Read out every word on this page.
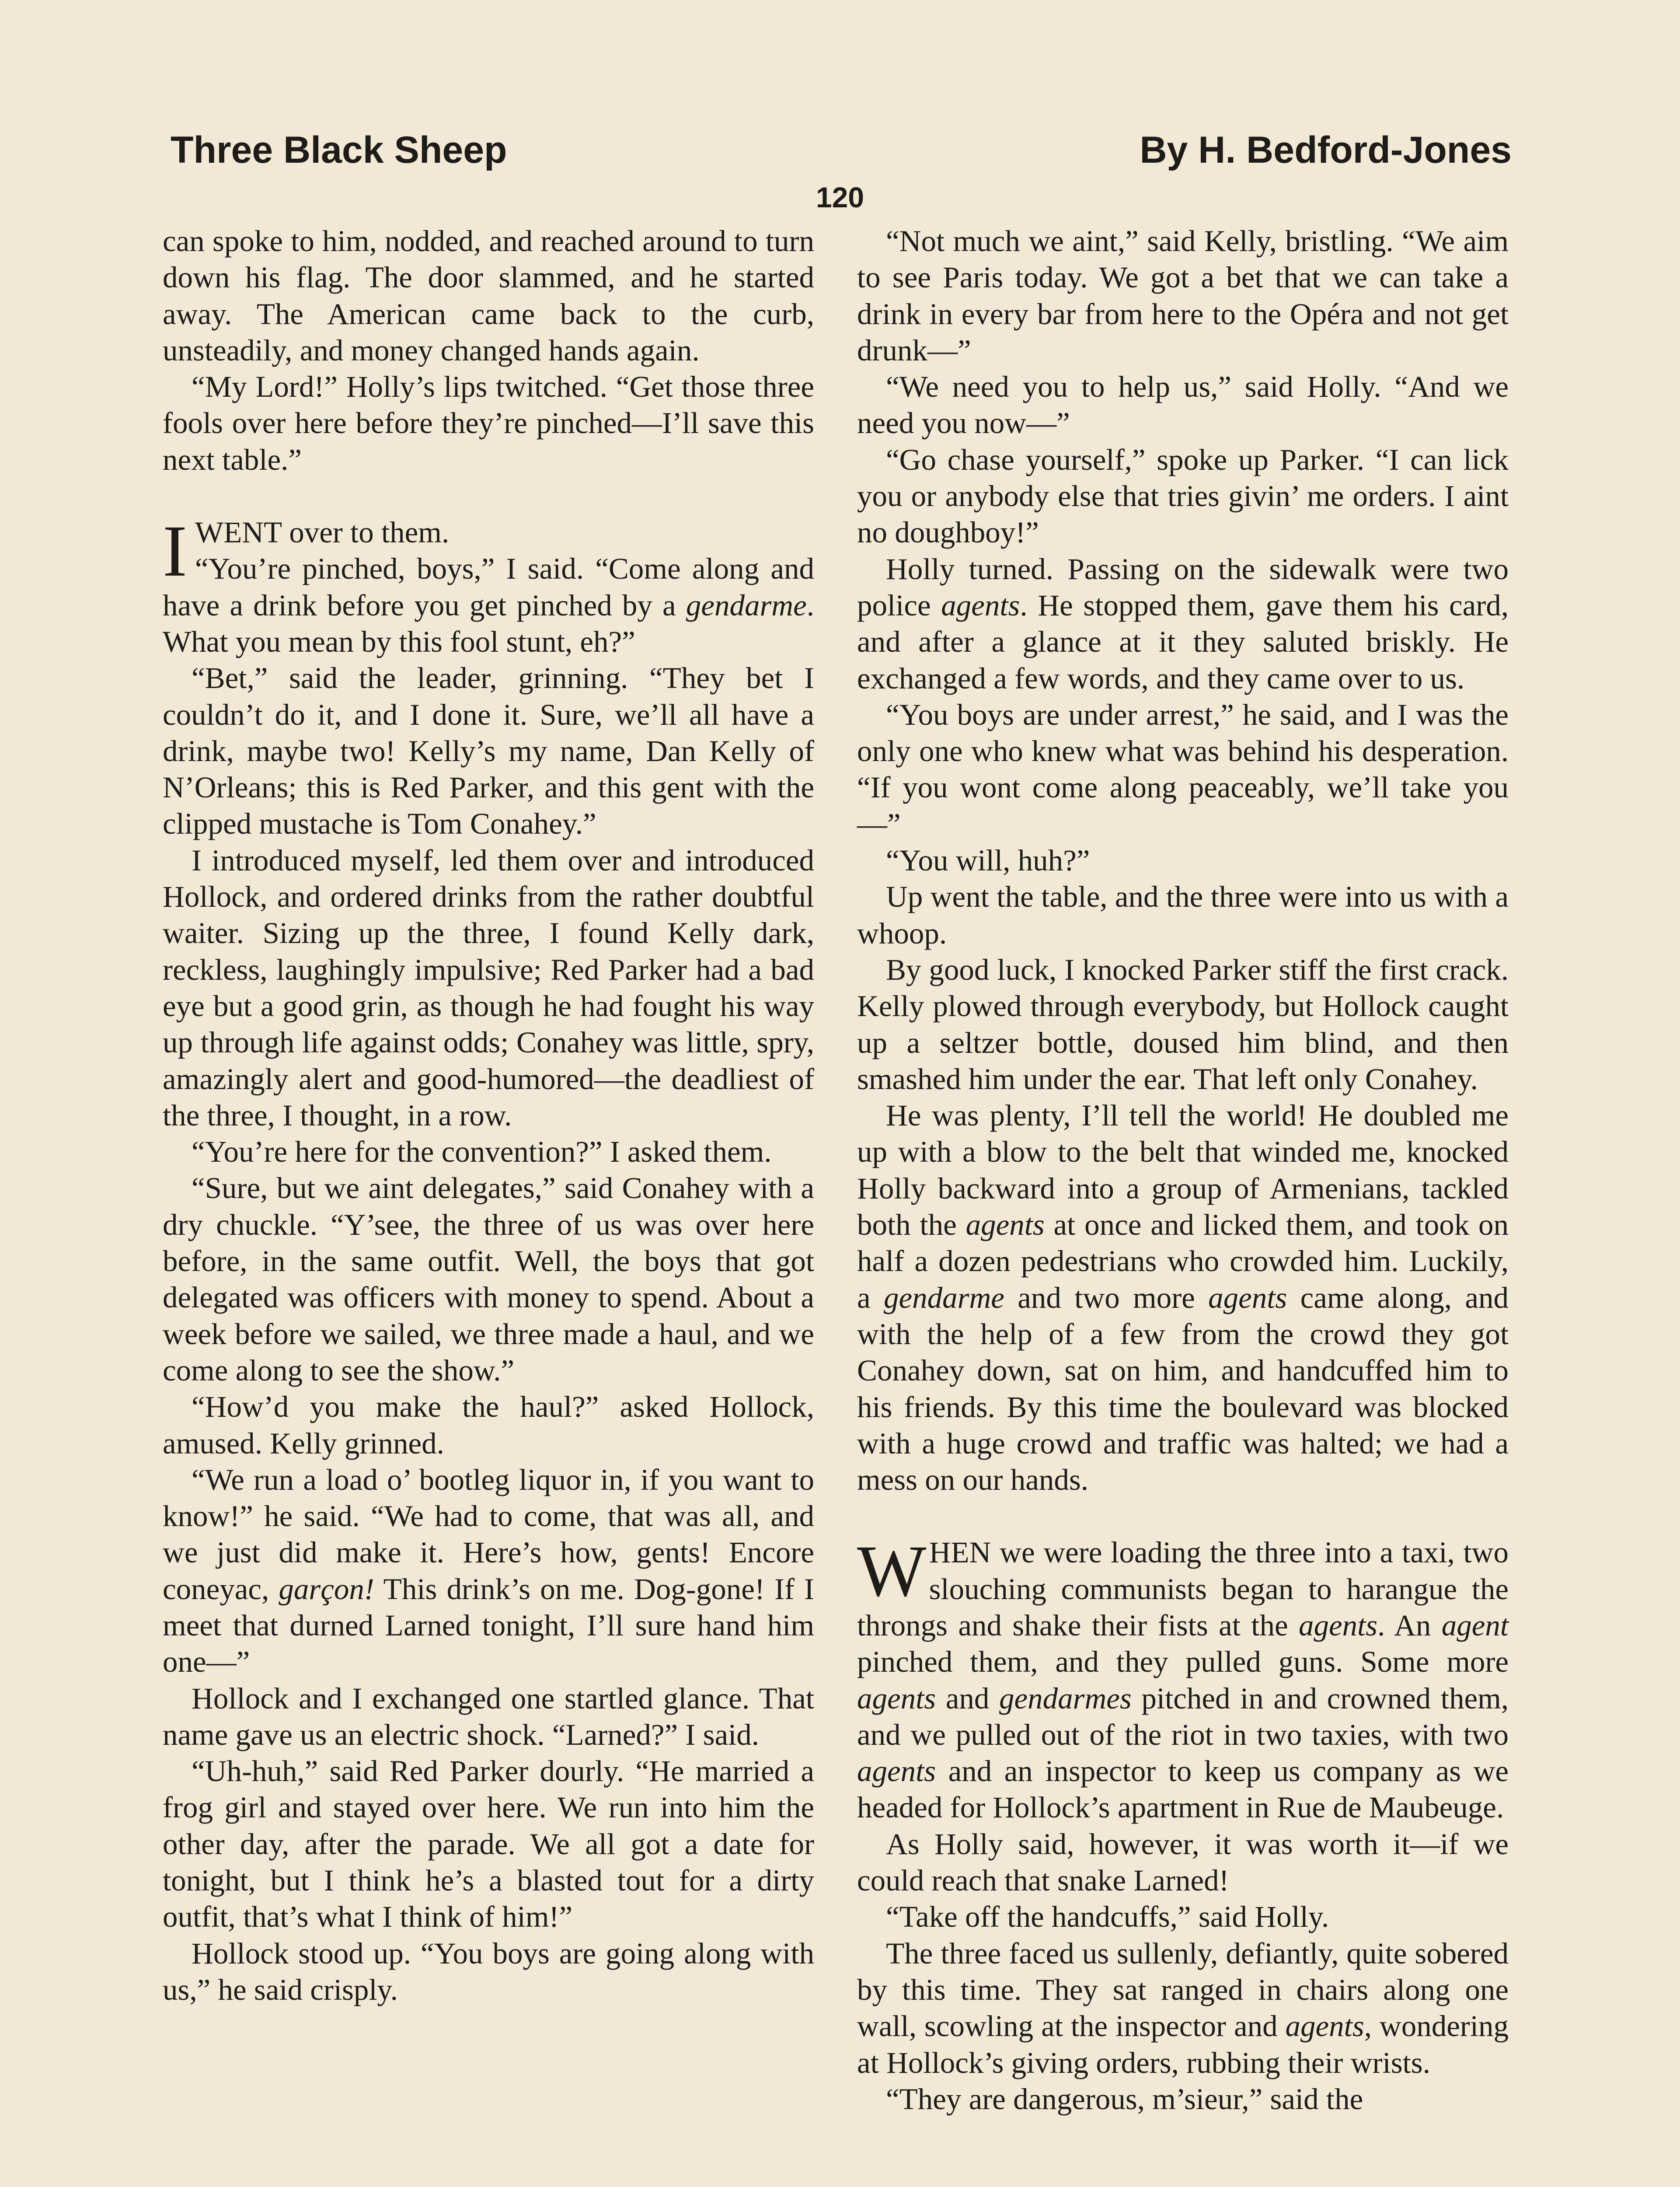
Three Black Sheep	By H. Bedford-Jones
120

can spoke to him, nodded, and reached around to turn down his flag. The door slammed, and he started away. The American came back to the curb, unsteadily, and money changed hands again.

“My Lord!” Holly’s lips twitched. “Get those three fools over here before they’re pinched—I’ll save this next table.”

IWENT over to them.
“You’re pinched, boys,” I said. “Come along and have a drink before you get pinched by a gendarme. What you mean by this fool stunt, eh?”

“Bet,” said the leader, grinning. “They bet I couldn’t do it, and I done it. Sure, we’ll all have a drink, maybe two! Kelly’s my name, Dan Kelly of N’Orleans; this is Red Parker, and this gent with the clipped mustache is Tom Conahey.”

I introduced myself, led them over and introduced Hollock, and ordered drinks from the rather doubtful waiter. Sizing up the three, I found Kelly dark, reckless, laughingly impulsive; Red Parker had a bad eye but a good grin, as though he had fought his way up through life against odds; Conahey was little, spry, amazingly alert and good-humored—the deadliest of the three, I thought, in a row.

“You’re here for the convention?” I asked them.

“Sure, but we aint delegates,” said Conahey with a dry chuckle. “Y’see, the three of us was over here before, in the same outfit. Well, the boys that got delegated was officers with money to spend. About a week before we sailed, we three made a haul, and we come along to see the show.”

“How’d you make the haul?” asked Hollock, amused. Kelly grinned.

“We run a load o’ bootleg liquor in, if you want to know!” he said. “We had to come, that was all, and we just did make it. Here’s how, gents! Encore coneyac, garçon! This drink’s on me. Dog-gone! If I meet that durned Larned tonight, I’ll sure hand him one—”

Hollock and I exchanged one startled glance. That name gave us an electric shock. “Larned?” I said.

“Uh-huh,” said Red Parker dourly. “He married a frog girl and stayed over here. We run into him the other day, after the parade. We all got a date for tonight, but I think he’s a blasted tout for a dirty outfit, that’s what I think of him!”

Hollock stood up. “You boys are going along with us,” he said crisply.

“Not much we aint,” said Kelly, bristling. “We aim to see Paris today. We got a bet that we can take a drink in every bar from here to the Opéra and not get drunk—”

“We need you to help us,” said Holly. “And we need you now—”

“Go chase yourself,” spoke up Parker. “I can lick you or anybody else that tries givin’ me orders. I aint no doughboy!”

Holly turned. Passing on the sidewalk were two police agents. He stopped them, gave them his card, and after a glance at it they saluted briskly. He exchanged a few words, and they came over to us.

“You boys are under arrest,” he said, and I was the only one who knew what was behind his desperation. “If you wont come along peaceably, we’ll take you—”

“You will, huh?”

Up went the table, and the three were into us with a whoop.

By good luck, I knocked Parker stiff the first crack. Kelly plowed through everybody, but Hollock caught up a seltzer bottle, doused him blind, and then smashed him under the ear. That left only Conahey.

He was plenty, I’ll tell the world! He doubled me up with a blow to the belt that winded me, knocked Holly backward into a group of Armenians, tackled both the agents at once and licked them, and took on half a dozen pedestrians who crowded him. Luckily, a gendarme and two more agents came along, and with the help of a few from the crowd they got Conahey down, sat on him, and handcuffed him to his friends. By this time the boulevard was blocked with a huge crowd and traffic was halted; we had a mess on our hands.

WHEN we were loading the three into a taxi, two slouching communists began to harangue the throngs and shake their fists at the agents. An agent pinched them, and they pulled guns. Some more agents and gendarmes pitched in and crowned them, and we pulled out of the riot in two taxies, with two agents and an inspector to keep us company as we headed for Hollock’s apartment in Rue de Maubeuge.

As Holly said, however, it was worth it—if we could reach that snake Larned!

“Take off the handcuffs,” said Holly.

The three faced us sullenly, defiantly, quite sobered by this time. They sat ranged in chairs along one wall, scowling at the inspector and agents, wondering at Hollock’s giving orders, rubbing their wrists.

“They are dangerous, m’sieur,” said the
